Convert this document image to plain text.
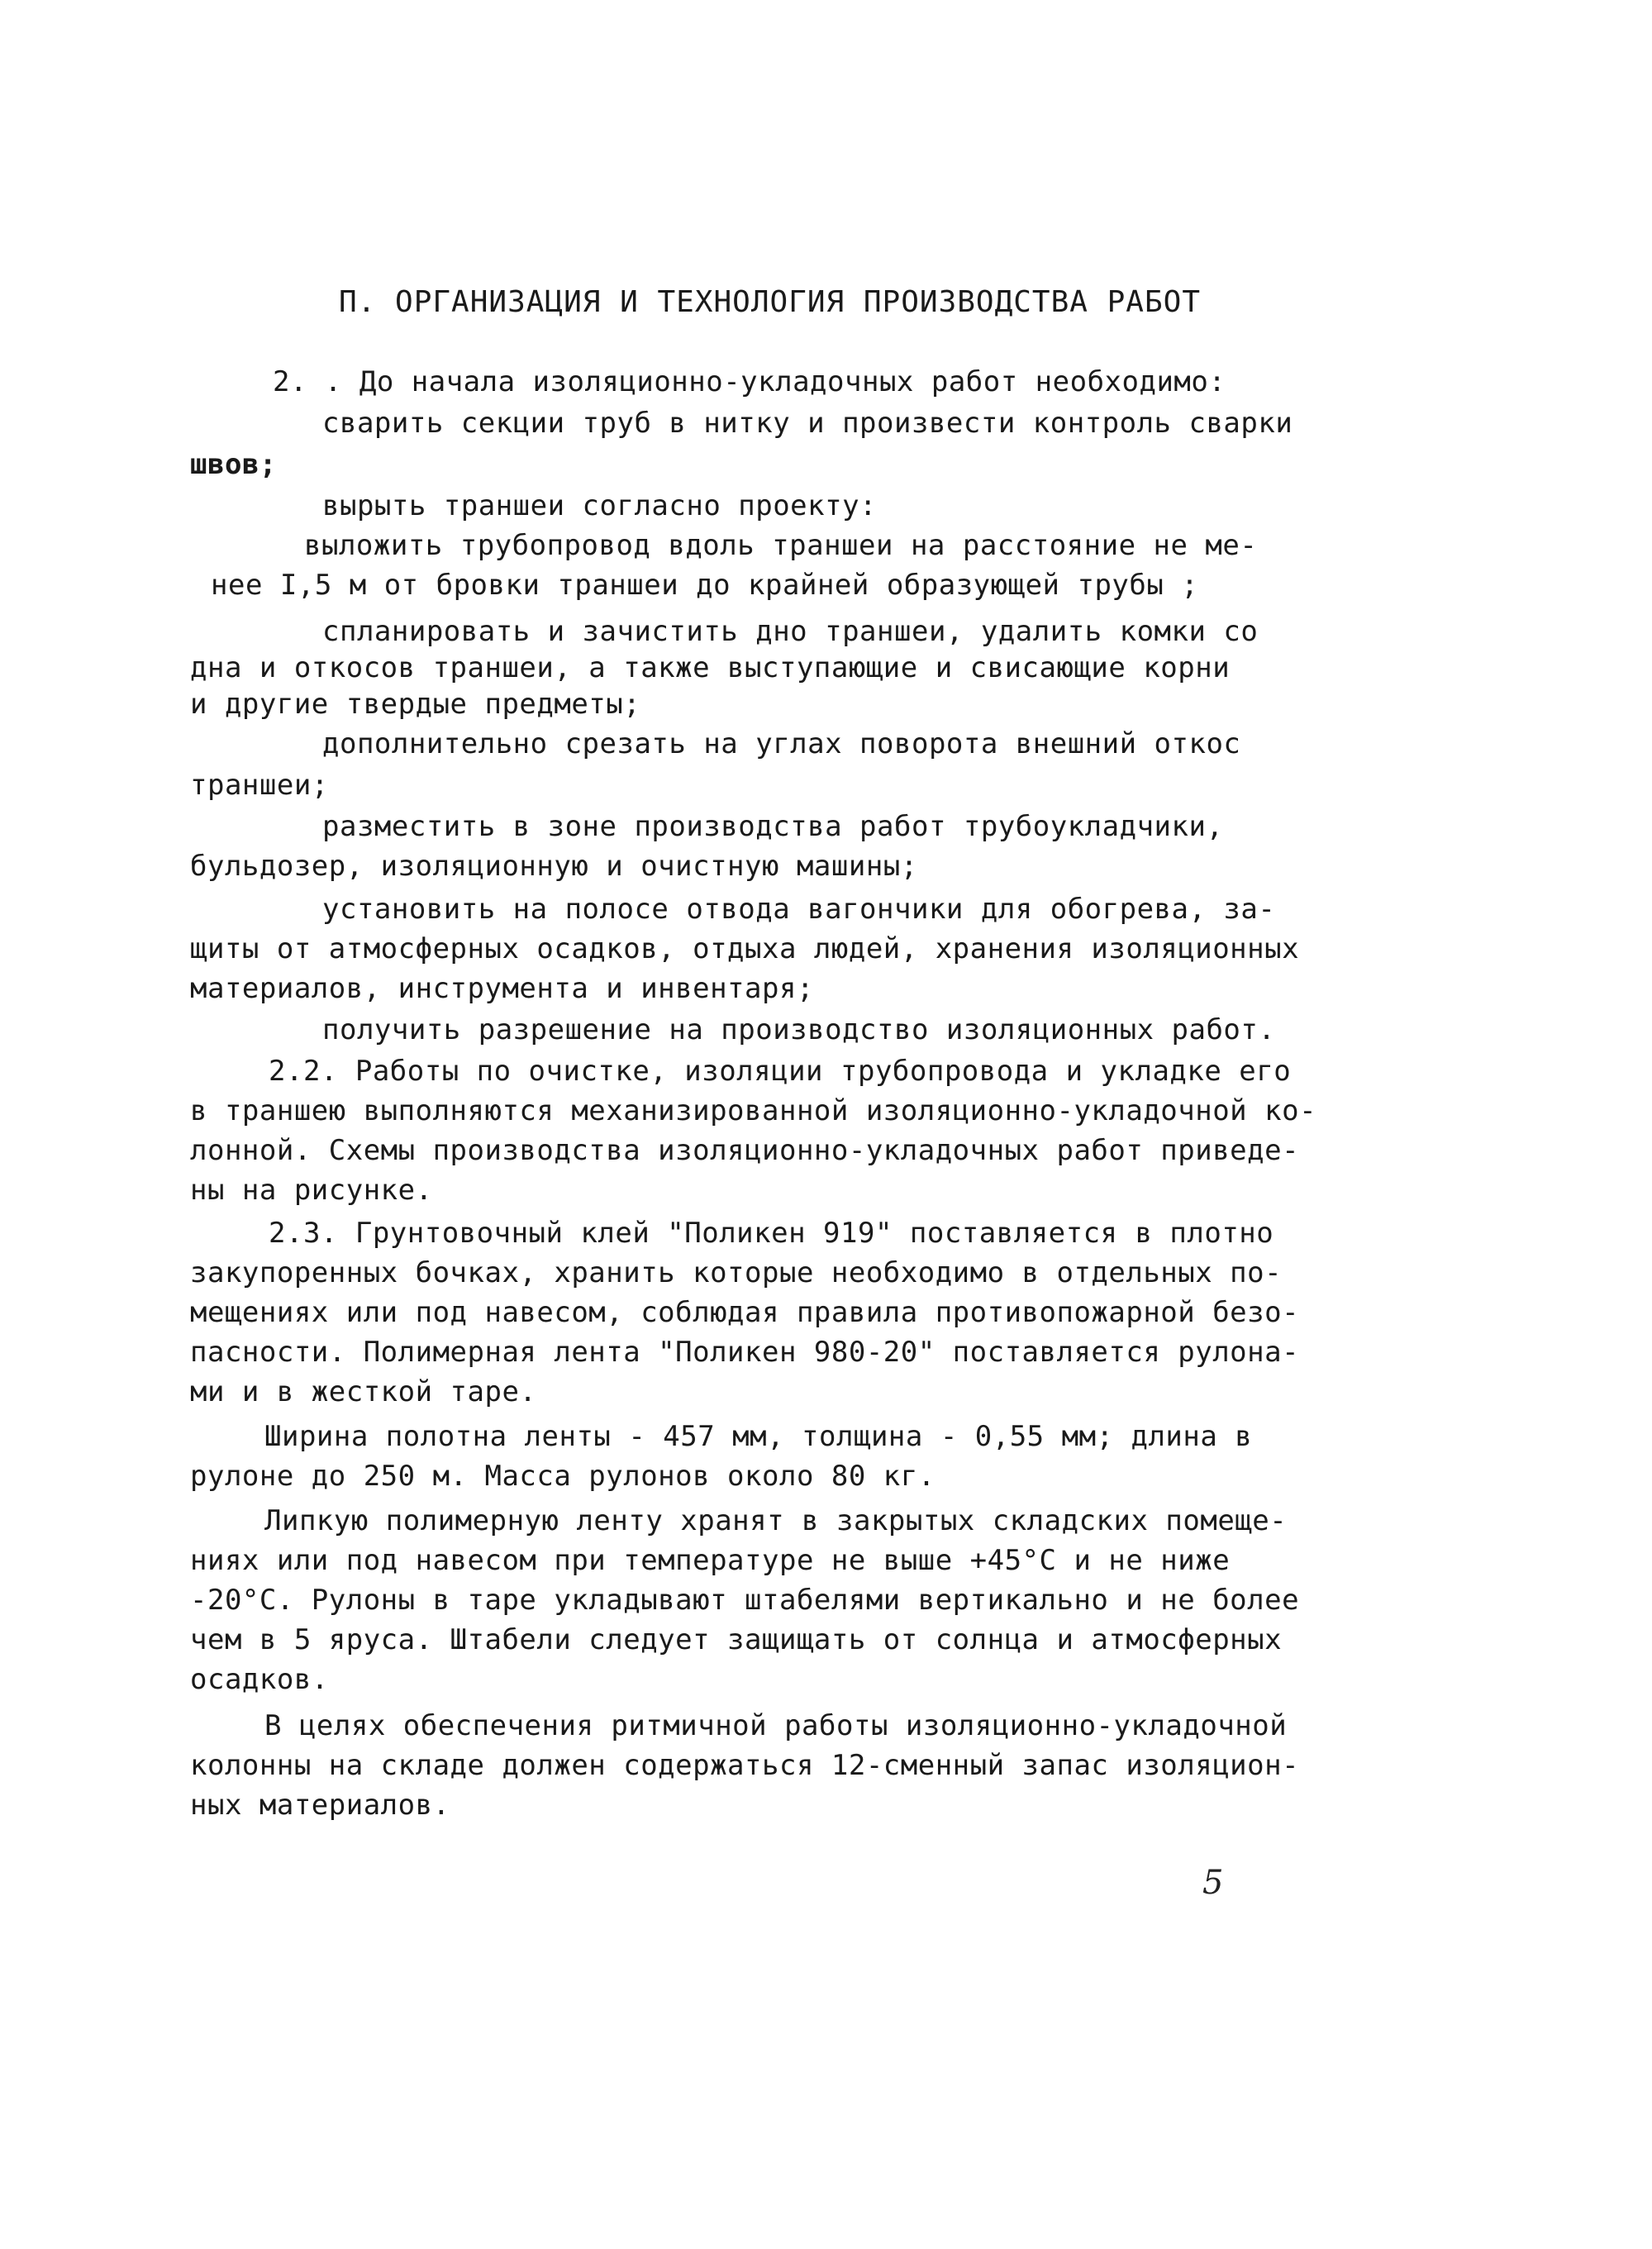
П. ОРГАНИЗАЦИЯ И ТЕХНОЛОГИЯ ПРОИЗВОДСТВА РАБОТ
2. . До начала изоляционно-укладочных работ необходимо:
сварить секции труб в нитку и произвести контроль сварки
швов;
вырыть траншеи согласно проекту:
выложить трубопровод вдоль траншеи на расстояние не ме-
нее I,5 м от бровки траншеи до крайней образующей трубы ;
спланировать и зачистить дно траншеи, удалить комки со
дна и откосов траншеи, а также выступающие и свисающие корни
и другие твердые предметы;
дополнительно срезать на углах поворота внешний откос
траншеи;
разместить в зоне производства работ трубоукладчики,
бульдозер, изоляционную и очистную машины;
установить на полосе отвода вагончики для обогрева, за-
щиты от атмосферных осадков, отдыха людей, хранения изоляционных
материалов, инструмента и инвентаря;
получить разрешение на производство изоляционных работ.
2.2. Работы по очистке, изоляции трубопровода и укладке его
в траншею выполняются механизированной изоляционно-укладочной ко-
лонной. Схемы производства изоляционно-укладочных работ приведе-
ны на рисунке.
2.3. Грунтовочный клей "Поликен 919" поставляется в плотно
закупоренных бочках, хранить которые необходимо в отдельных по-
мещениях или под навесом, соблюдая правила противопожарной безо-
пасности. Полимерная лента "Поликен 980-20" поставляется рулона-
ми и в жесткой таре.
Ширина полотна ленты - 457 мм, толщина - 0,55 мм; длина в
рулоне до 250 м. Масса рулонов около 80 кг.
Липкую полимерную ленту хранят в закрытых складских помеще-
ниях или под навесом при температуре не выше +45°С и не ниже
-20°С. Рулоны в таре укладывают штабелями вертикально и не более
чем в 5 яруса. Штабели следует защищать от солнца и атмосферных
осадков.
В целях обеспечения ритмичной работы изоляционно-укладочной
колонны на складе должен содержаться 12-сменный запас изоляцион-
ных материалов.
5
